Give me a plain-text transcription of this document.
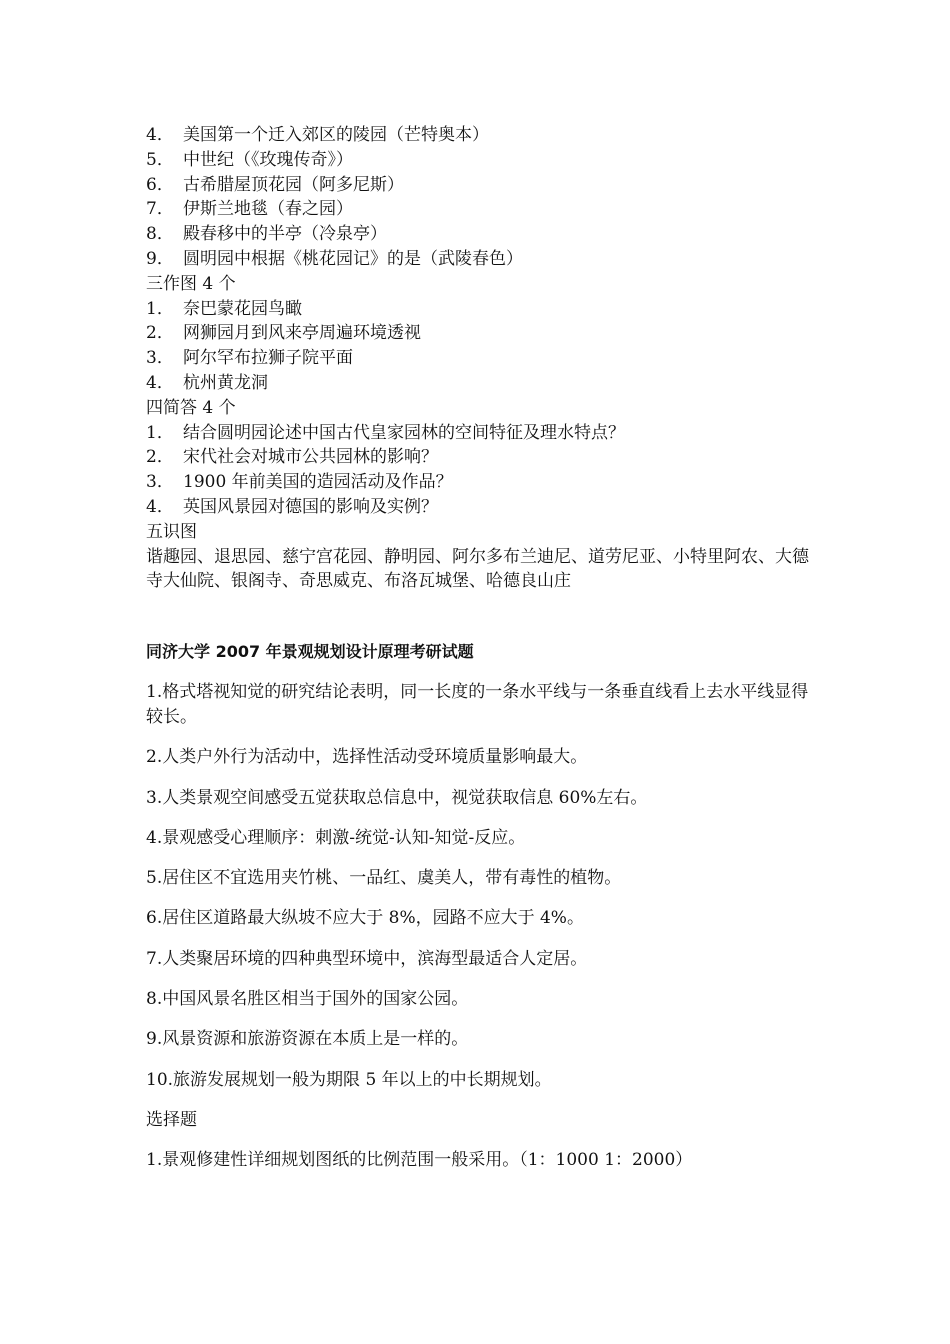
4． 美国第一个迁入郊区的陵园（芒特奥本）
5． 中世纪（《玫瑰传奇》）
6． 古希腊屋顶花园（阿多尼斯）
7． 伊斯兰地毯（春之园）
8． 殿春移中的半亭（冷泉亭）
9． 圆明园中根据《桃花园记》的是（武陵春色）
三作图 4 个
1． 奈巴蒙花园鸟瞰
2． 网狮园月到风来亭周遍环境透视
3． 阿尔罕布拉狮子院平面
4． 杭州黄龙洞
四简答 4 个
1． 结合圆明园论述中国古代皇家园林的空间特征及理水特点？
2． 宋代社会对城市公共园林的影响？
3． 1900 年前美国的造园活动及作品？
4． 英国风景园对德国的影响及实例？
五识图
谐趣园、退思园、慈宁宫花园、静明园、阿尔多布兰迪尼、道劳尼亚、小特里阿农、大德寺大仙院、银阁寺、奇思威克、布洛瓦城堡、哈德良山庄
同济大学 2007 年景观规划设计原理考研试题

1.格式塔视知觉的研究结论表明，同一长度的一条水平线与一条垂直线看上去水平线显得较长。

2.人类户外行为活动中，选择性活动受环境质量影响最大。

3.人类景观空间感受五觉获取总信息中，视觉获取信息 60%左右。

4.景观感受心理顺序：刺激-统觉-认知-知觉-反应。

5.居住区不宜选用夹竹桃、一品红、虞美人，带有毒性的植物。

6.居住区道路最大纵坡不应大于 8%，园路不应大于 4%。

7.人类聚居环境的四种典型环境中，滨海型最适合人定居。

8.中国风景名胜区相当于国外的国家公园。

9.风景资源和旅游资源在本质上是一样的。

10.旅游发展规划一般为期限 5 年以上的中长期规划。

选择题

1.景观修建性详细规划图纸的比例范围一般采用。（1：1000 1：2000）
